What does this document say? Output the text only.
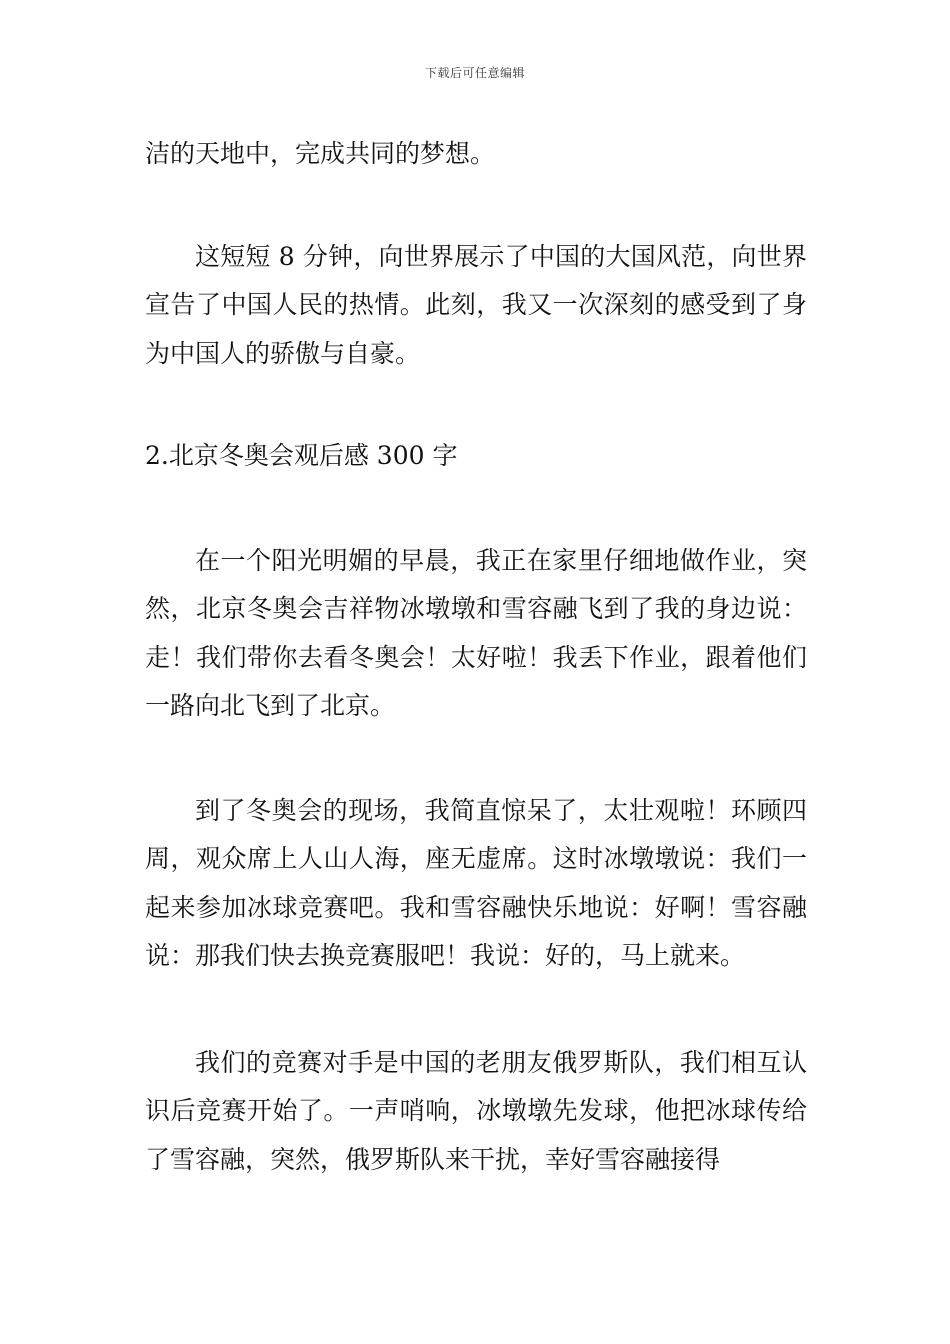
下载后可任意编辑

洁的天地中，完成共同的梦想。

这短短 8 分钟，向世界展示了中国的大国风范，向世界宣告了中国人民的热情。此刻，我又一次深刻的感受到了身为中国人的骄傲与自豪。

2.北京冬奥会观后感 300 字

在一个阳光明媚的早晨，我正在家里仔细地做作业，突然，北京冬奥会吉祥物冰墩墩和雪容融飞到了我的身边说：走！我们带你去看冬奥会！太好啦！我丢下作业，跟着他们一路向北飞到了北京。

到了冬奥会的现场，我简直惊呆了，太壮观啦！环顾四周，观众席上人山人海，座无虚席。这时冰墩墩说：我们一起来参加冰球竞赛吧。我和雪容融快乐地说：好啊！雪容融说：那我们快去换竞赛服吧！我说：好的，马上就来。

我们的竞赛对手是中国的老朋友俄罗斯队，我们相互认识后竞赛开始了。一声哨响，冰墩墩先发球，他把冰球传给了雪容融，突然，俄罗斯队来干扰，幸好雪容融接得
